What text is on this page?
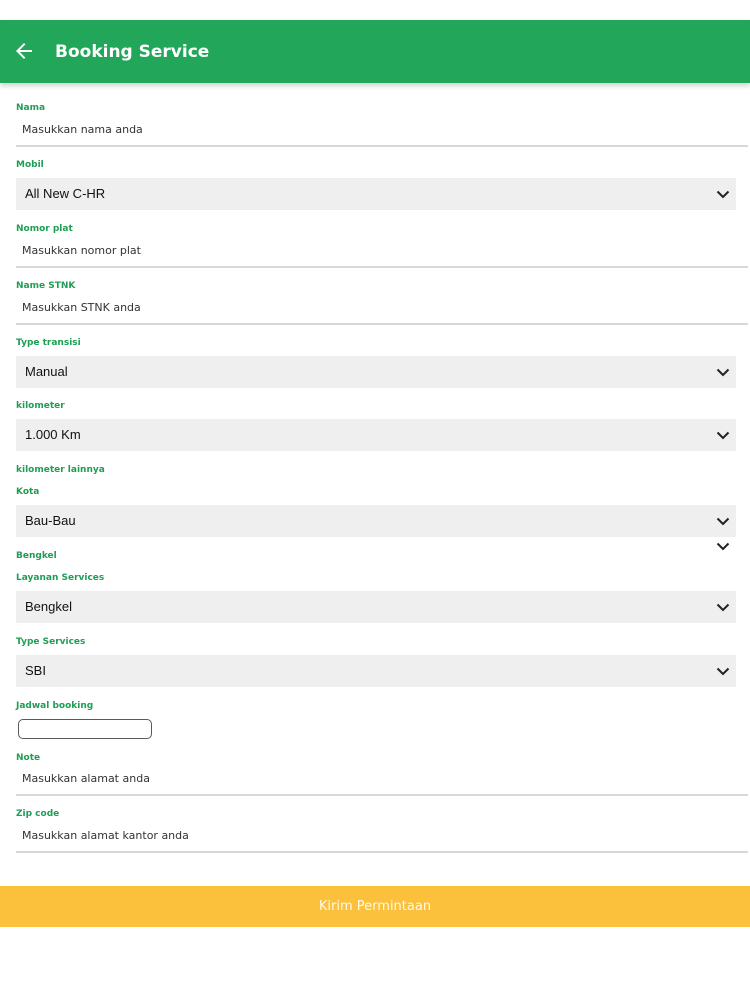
Booking Service
Nama
Masukkan nama anda
Mobil
All New C-HR
Nomor plat
Masukkan nomor plat
Name STNK
Masukkan STNK anda
Type transisi
Manual
kilometer
1.000 Km
kilometer lainnya
Kota
Bau-Bau
Bengkel
Layanan Services
Bengkel
Type Services
SBI
Jadwal booking
Note
Masukkan alamat anda
Zip code
Masukkan alamat kantor anda
Kirim Permintaan
